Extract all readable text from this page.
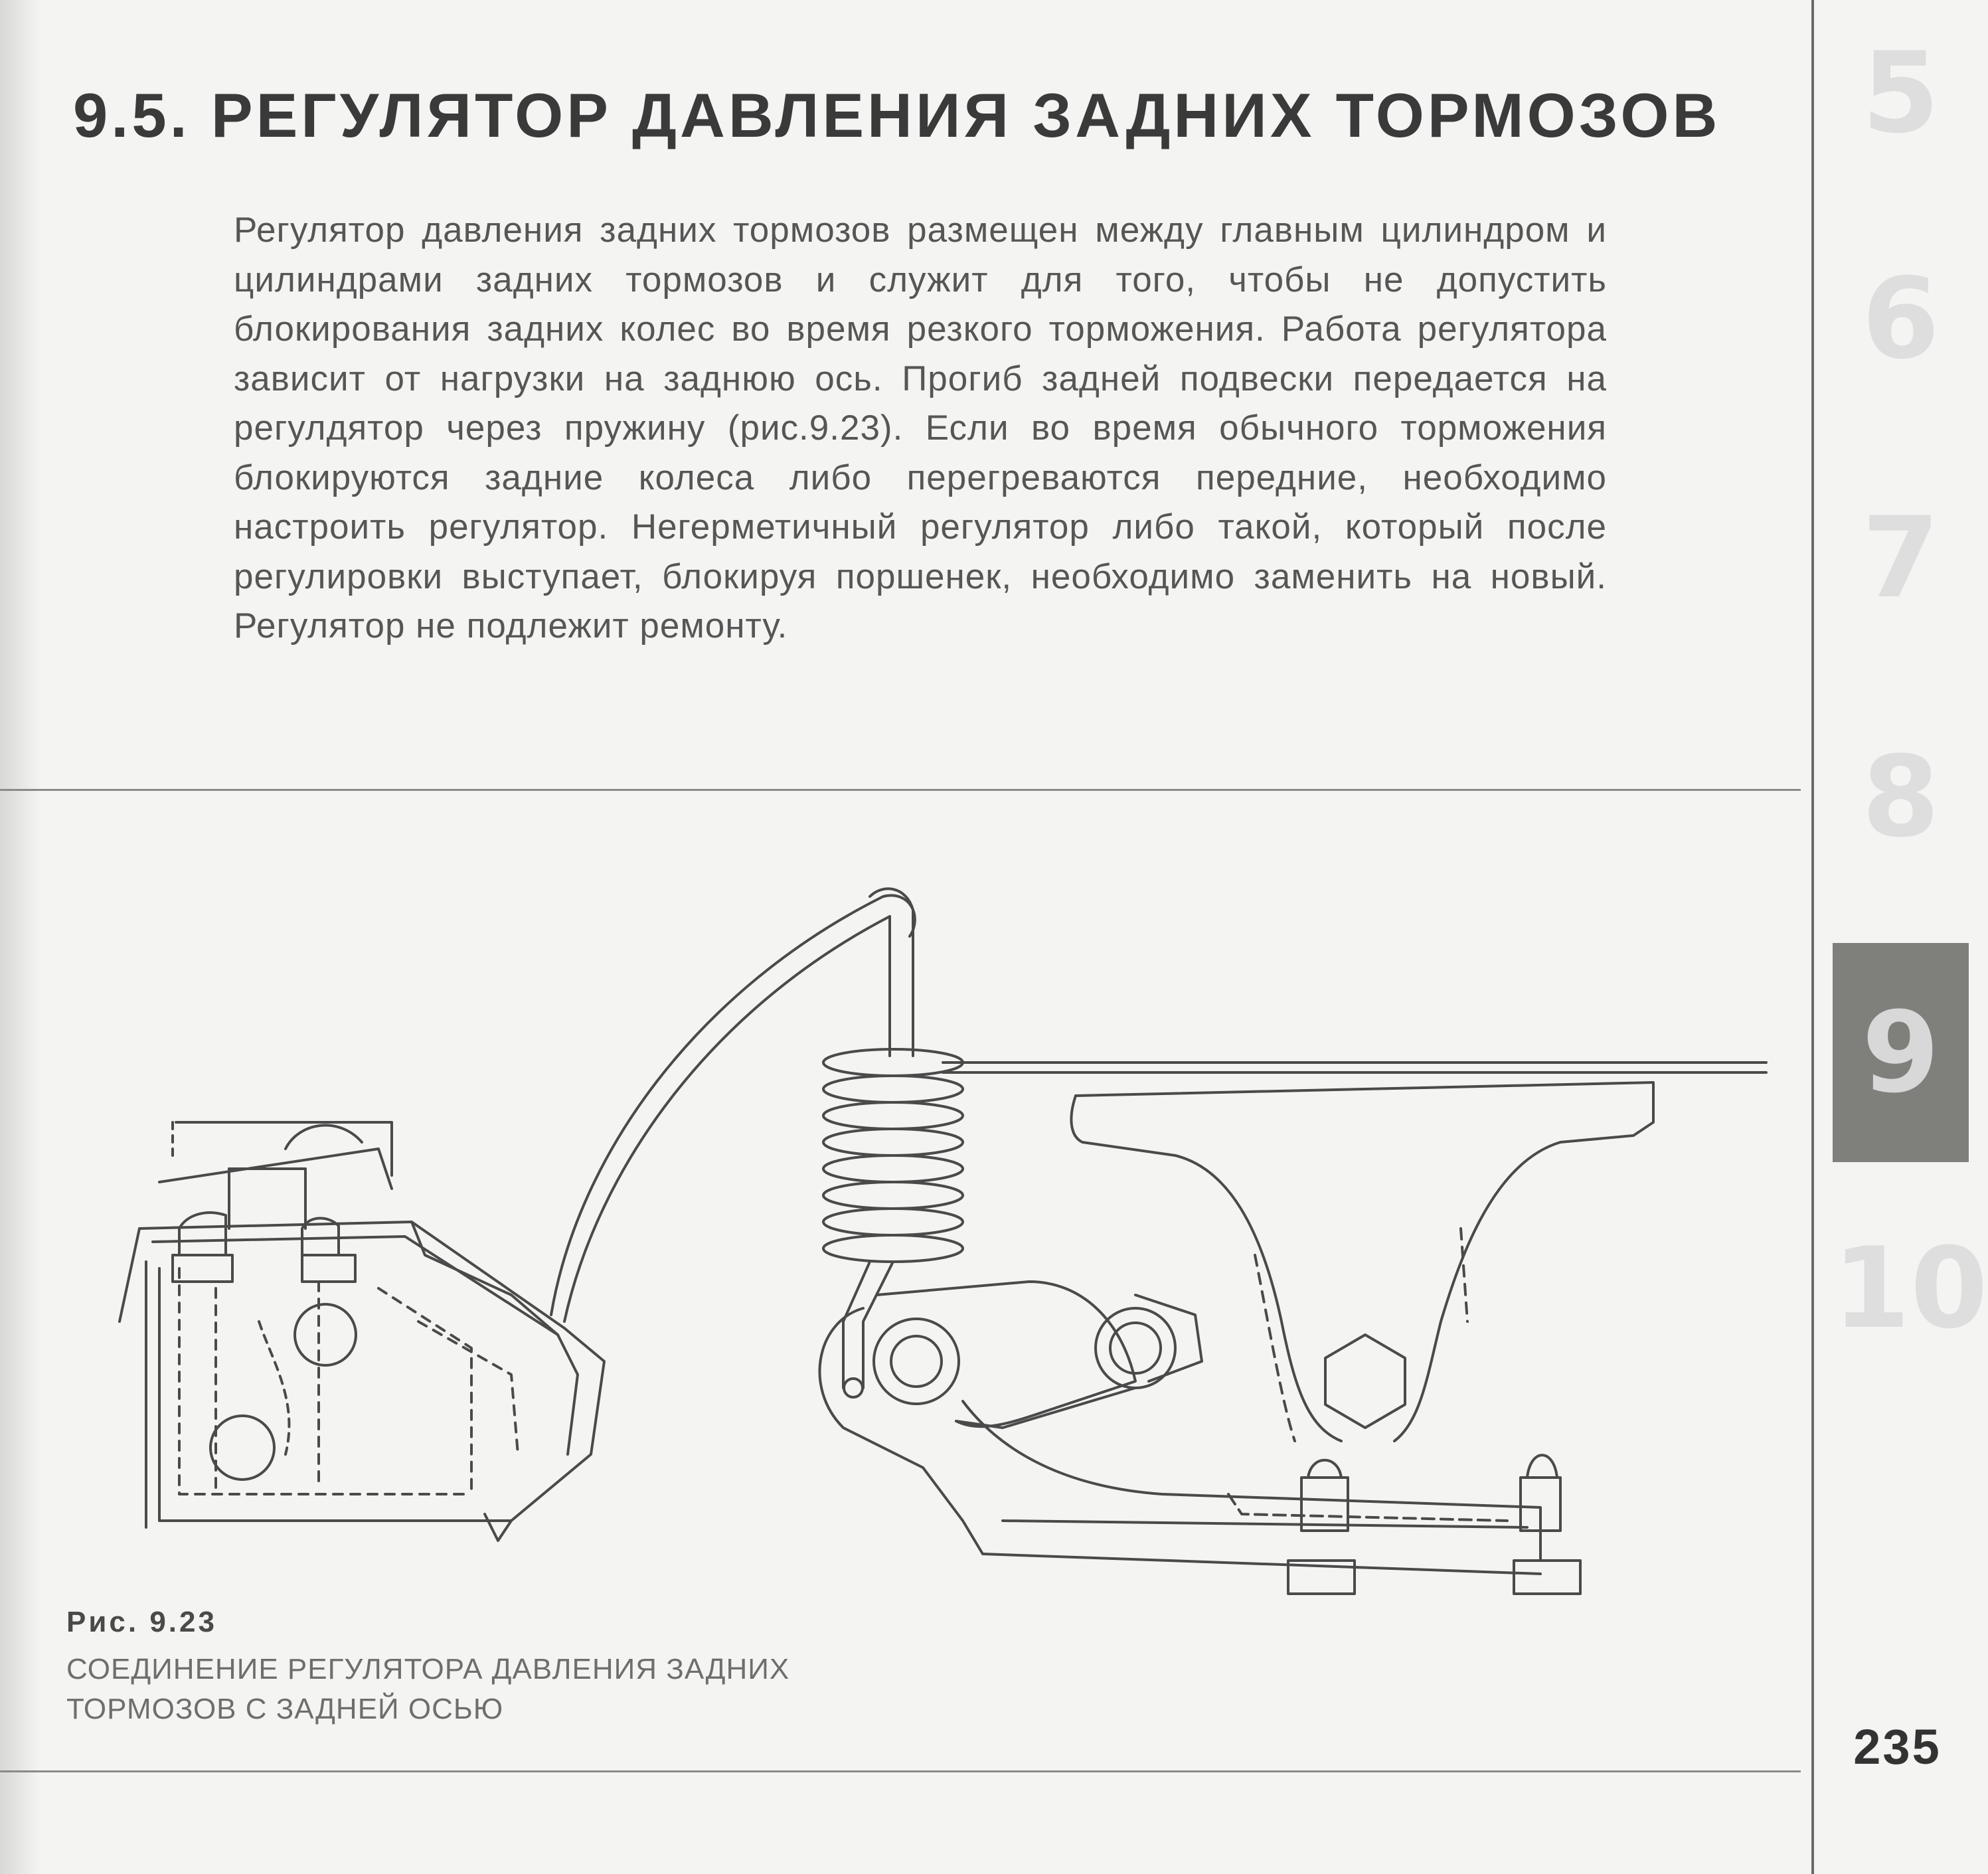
9.5. РЕГУЛЯТОР ДАВЛЕНИЯ ЗАДНИХ ТОРМОЗОВ

Регулятор давления задних тормозов размещен между главным цилиндром и цилиндрами задних тормозов и служит для того, чтобы не допустить блокирования задних колес во время резкого торможения. Работа регулятора зависит от нагрузки на заднюю ось. Прогиб задней подвески передается на регулдятор через пружину (рис.9.23). Если во время обычного торможения блокируются задние колеса либо перегреваются передние, необходимо настроить регулятор. Негерметичный регулятор либо такой, который после регулировки выступает, блокируя поршенек, необходимо заменить на новый. Регулятор не подлежит ремонту.

Рис. 9.23
СОЕДИНЕНИЕ РЕГУЛЯТОРА ДАВЛЕНИЯ ЗАДНИХ ТОРМОЗОВ С ЗАДНЕЙ ОСЬЮ
5
6
7
8
9
10
235
